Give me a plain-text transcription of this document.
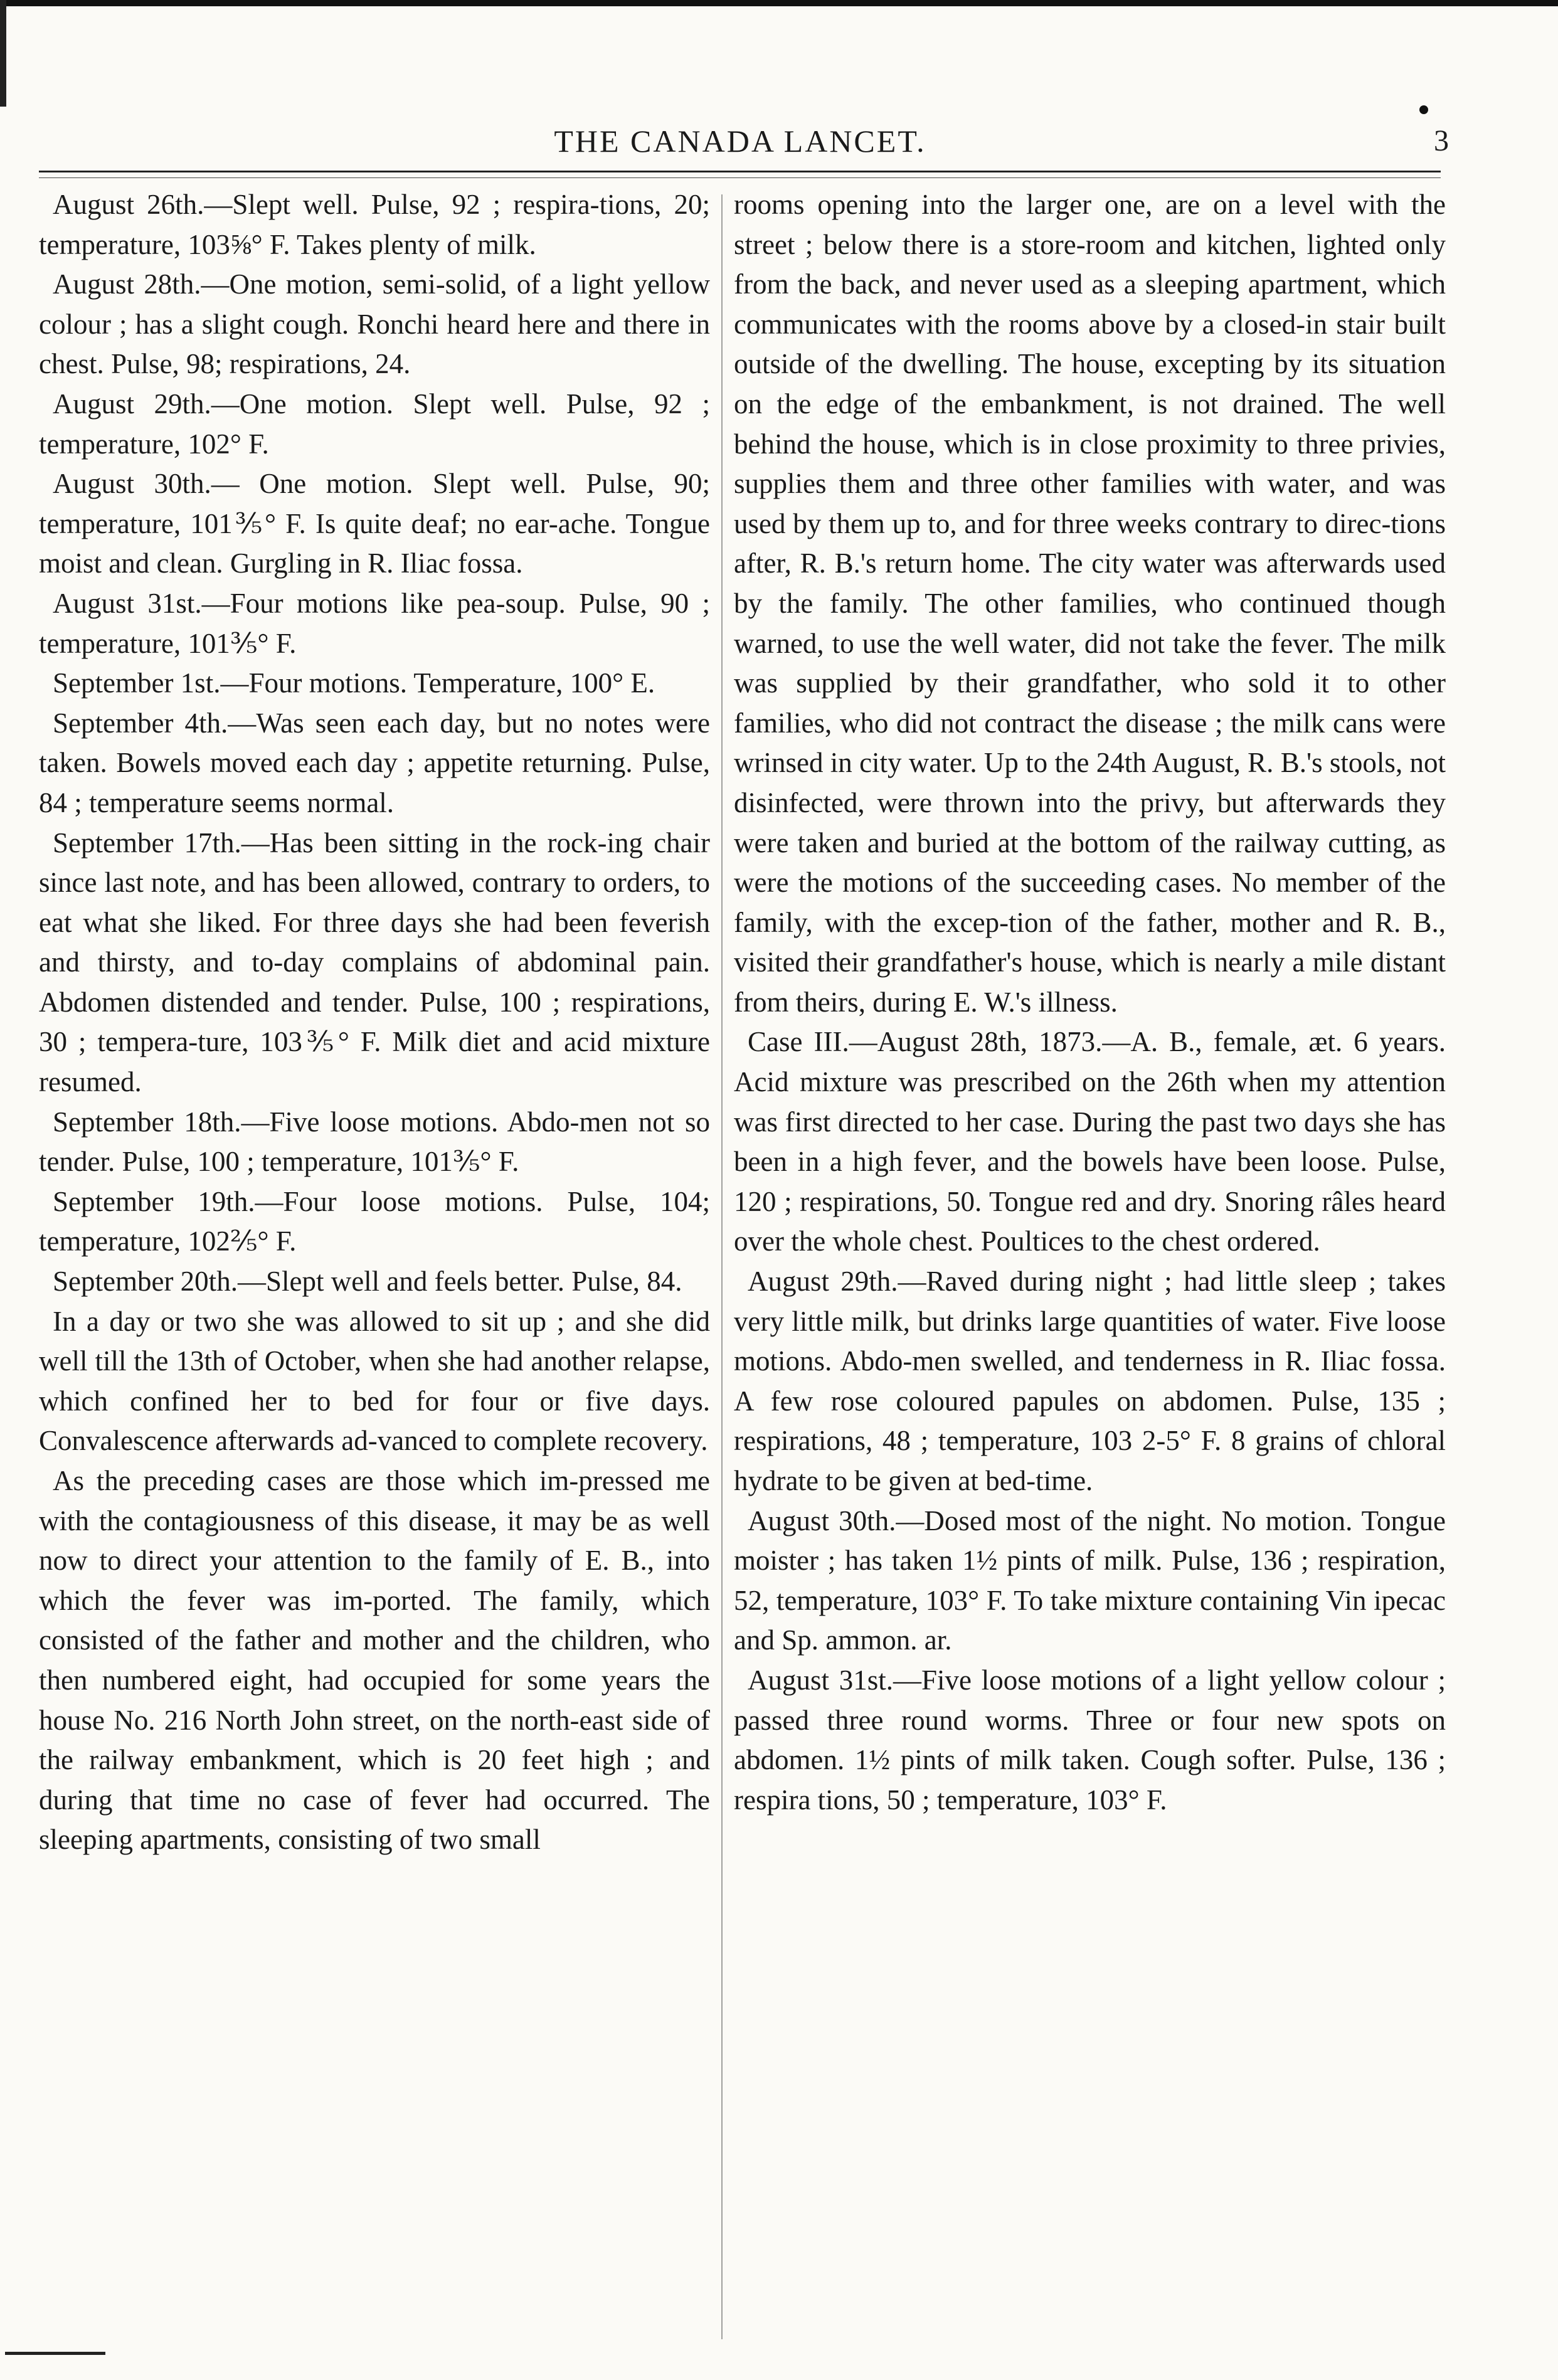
THE CANADA LANCET.	3

August 26th.—Slept well. Pulse, 92 ; respira-tions, 20; temperature, 103⅝° F. Takes plenty of milk.

August 28th.—One motion, semi-solid, of a light yellow colour ; has a slight cough. Ronchi heard here and there in chest. Pulse, 98; respirations, 24.

August 29th.—One motion. Slept well. Pulse, 92 ; temperature, 102° F.

August 30th.— One motion. Slept well. Pulse, 90; temperature, 101⅗° F. Is quite deaf; no ear-ache. Tongue moist and clean. Gurgling in R. Iliac fossa.

August 31st.—Four motions like pea-soup. Pulse, 90 ; temperature, 101⅗° F.

September 1st.—Four motions. Temperature, 100° E.

September 4th.—Was seen each day, but no notes were taken. Bowels moved each day ; appetite returning. Pulse, 84 ; temperature seems normal.

September 17th.—Has been sitting in the rock-ing chair since last note, and has been allowed, contrary to orders, to eat what she liked. For three days she had been feverish and thirsty, and to-day complains of abdominal pain. Abdomen distended and tender. Pulse, 100 ; respirations, 30 ; tempera-ture, 103⅗° F. Milk diet and acid mixture resumed.

September 18th.—Five loose motions. Abdo-men not so tender. Pulse, 100 ; temperature, 101⅗° F.

September 19th.—Four loose motions. Pulse, 104; temperature, 102⅖° F.

September 20th.—Slept well and feels better. Pulse, 84.

In a day or two she was allowed to sit up ; and she did well till the 13th of October, when she had another relapse, which confined her to bed for four or five days. Convalescence afterwards ad-vanced to complete recovery.

As the preceding cases are those which im-pressed me with the contagiousness of this disease, it may be as well now to direct your attention to the family of E. B., into which the fever was im-ported. The family, which consisted of the father and mother and the children, who then numbered eight, had occupied for some years the house No. 216 North John street, on the north-east side of the railway embankment, which is 20 feet high ; and during that time no case of fever had occurred. The sleeping apartments, consisting of two small

rooms opening into the larger one, are on a level with the street ; below there is a store-room and kitchen, lighted only from the back, and never used as a sleeping apartment, which communicates with the rooms above by a closed-in stair built outside of the dwelling. The house, excepting by its situation on the edge of the embankment, is not drained. The well behind the house, which is in close proximity to three privies, supplies them and three other families with water, and was used by them up to, and for three weeks contrary to direc-tions after, R. B.'s return home. The city water was afterwards used by the family. The other families, who continued though warned, to use the well water, did not take the fever. The milk was supplied by their grandfather, who sold it to other families, who did not contract the disease ; the milk cans were wrinsed in city water. Up to the 24th August, R. B.'s stools, not disinfected, were thrown into the privy, but afterwards they were taken and buried at the bottom of the railway cutting, as were the motions of the succeeding cases. No member of the family, with the excep-tion of the father, mother and R. B., visited their grandfather's house, which is nearly a mile distant from theirs, during E. W.'s illness.

Case III.—August 28th, 1873.—A. B., female, æt. 6 years. Acid mixture was prescribed on the 26th when my attention was first directed to her case. During the past two days she has been in a high fever, and the bowels have been loose. Pulse, 120 ; respirations, 50. Tongue red and dry. Snoring râles heard over the whole chest. Poultices to the chest ordered.

August 29th.—Raved during night ; had little sleep ; takes very little milk, but drinks large quantities of water. Five loose motions. Abdo-men swelled, and tenderness in R. Iliac fossa. A few rose coloured papules on abdomen. Pulse, 135 ; respirations, 48 ; temperature, 103 2-5° F. 8 grains of chloral hydrate to be given at bed-time.

August 30th.—Dosed most of the night. No motion. Tongue moister ; has taken 1½ pints of milk. Pulse, 136 ; respiration, 52, temperature, 103° F. To take mixture containing Vin ipecac and Sp. ammon. ar.

August 31st.—Five loose motions of a light yellow colour ; passed three round worms. Three or four new spots on abdomen. 1½ pints of milk taken. Cough softer. Pulse, 136 ; respira tions, 50 ; temperature, 103° F.
